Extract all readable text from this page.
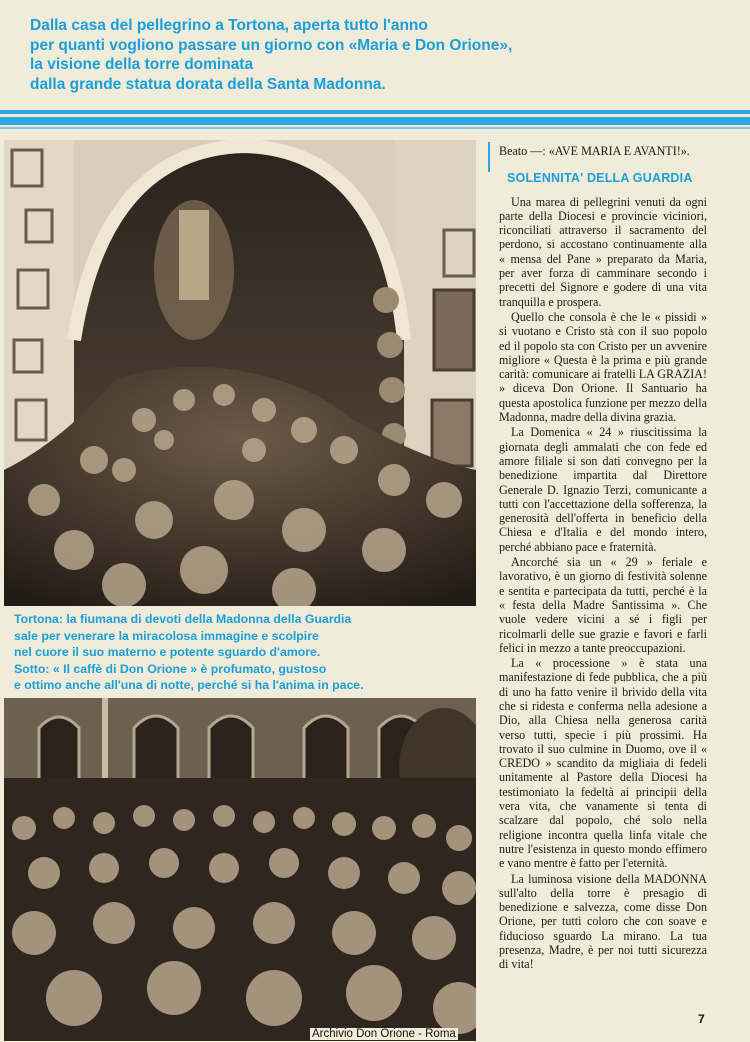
Dalla casa del pellegrino a Tortona, aperta tutto l'anno
per quanti vogliono passare un giorno con «Maria e Don Orione»,
la visione della torre dominata
dalla grande statua dorata della Santa Madonna.
Tortona: la fiumana di devoti della Madonna della Guardia
sale per venerare la miracolosa immagine e scolpire
nel cuore il suo materno e potente sguardo d'amore.
Sotto: « Il caffè di Don Orione » è profumato, gustoso
e ottimo anche all'una di notte, perché si ha l'anima in pace.

Beato —: «AVE MARIA E AVANTI!».

SOLENNITA' DELLA GUARDIA

Una marea di pellegrini venuti da ogni parte della Diocesi e provincie viciniori, riconciliati attraverso il sacramento del perdono, si accostano continuamente alla « mensa del Pane » preparato da Maria, per aver forza di camminare secondo i precetti del Signore e godere di una vita tranquilla e prospera.

Quello che consola è che le « pissidi » si vuotano e Cristo stà con il suo popolo ed il popolo sta con Cristo per un avvenire migliore « Questa è la prima e più grande carità: comunicare ai fratelli LA GRAZIA! » diceva Don Orione. Il Santuario ha questa apostolica funzione per mezzo della Madonna, madre della divina grazia.

La Domenica « 24 » riuscitissima la giornata degli ammalati che con fede ed amore filiale si son dati convegno per la benedizione impartita dal Direttore Generale D. Ignazio Terzi, comunicante a tutti con l'accettazione della sofferenza, la generosità dell'offerta in beneficio della Chiesa e d'Italia e del mondo intero, perché abbiano pace e fraternità.

Ancorché sia un « 29 » feriale e lavorativo, è un giorno di festività solenne e sentita e partecipata da tutti, perché è la « festa della Madre Santissima ». Che vuole vedere vicini a sé i figli per ricolmarli delle sue grazie e favori e farli felici in mezzo a tante preoccupazioni.

La « processione » è stata una manifestazione di fede pubblica, che a più di uno ha fatto venire il brivido della vita che si ridesta e conferma nella adesione a Dio, alla Chiesa nella generosa carità verso tutti, specie i più prossimi. Ha trovato il suo culmine in Duomo, ove il « CREDO » scandito da migliaia di fedeli unitamente al Pastore della Diocesi ha testimoniato la fedeltà ai principii della vera vita, che vanamente si tenta di scalzare dal popolo, ché solo nella religione incontra quella linfa vitale che nutre l'esistenza in questo mondo effimero e vano mentre è fatto per l'eternità.

La luminosa visione della MADONNA sull'alto della torre è presagio di benedizione e salvezza, come disse Don Orione, per tutti coloro che con soave e fiducioso sguardo La mirano. La tua presenza, Madre, è per noi tutti sicurezza di vita!

7
Archivio Don Orione - Roma
